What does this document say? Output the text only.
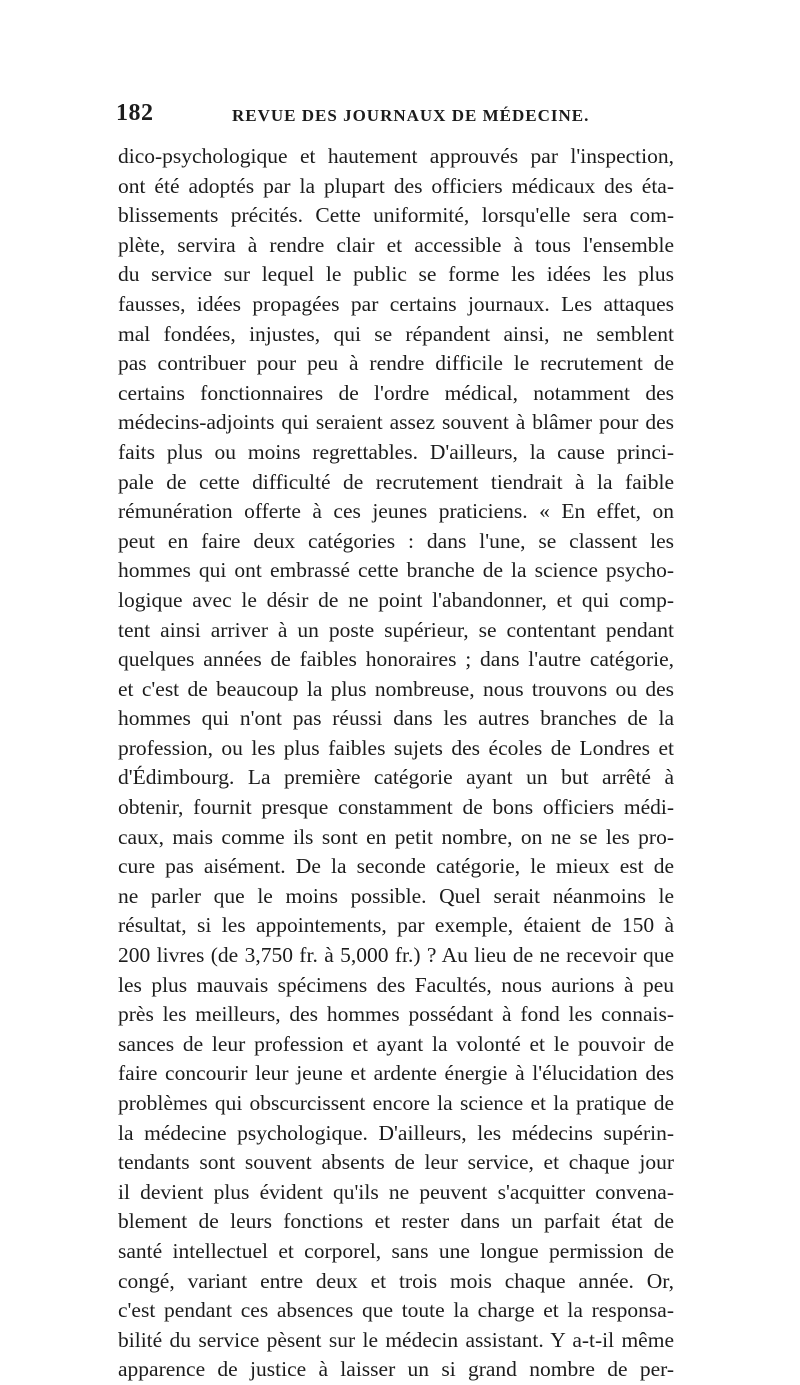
182	REVUE DES JOURNAUX DE MÉDECINE.
dico-psychologique et hautement approuvés par l'inspection,
ont été adoptés par la plupart des officiers médicaux des éta-
blissements précités. Cette uniformité, lorsqu'elle sera com-
plète, servira à rendre clair et accessible à tous l'ensemble
du service sur lequel le public se forme les idées les plus
fausses, idées propagées par certains journaux. Les attaques
mal fondées, injustes, qui se répandent ainsi, ne semblent
pas contribuer pour peu à rendre difficile le recrutement de
certains fonctionnaires de l'ordre médical, notamment des
médecins-adjoints qui seraient assez souvent à blâmer pour des
faits plus ou moins regrettables. D'ailleurs, la cause princi-
pale de cette difficulté de recrutement tiendrait à la faible
rémunération offerte à ces jeunes praticiens. « En effet, on
peut en faire deux catégories : dans l'une, se classent les
hommes qui ont embrassé cette branche de la science psycho-
logique avec le désir de ne point l'abandonner, et qui comp-
tent ainsi arriver à un poste supérieur, se contentant pendant
quelques années de faibles honoraires ; dans l'autre catégorie,
et c'est de beaucoup la plus nombreuse, nous trouvons ou des
hommes qui n'ont pas réussi dans les autres branches de la
profession, ou les plus faibles sujets des écoles de Londres et
d'Édimbourg. La première catégorie ayant un but arrêté à
obtenir, fournit presque constamment de bons officiers médi-
caux, mais comme ils sont en petit nombre, on ne se les pro-
cure pas aisément. De la seconde catégorie, le mieux est de
ne parler que le moins possible. Quel serait néanmoins le
résultat, si les appointements, par exemple, étaient de 150 à
200 livres (de 3,750 fr. à 5,000 fr.) ? Au lieu de ne recevoir que
les plus mauvais spécimens des Facultés, nous aurions à peu
près les meilleurs, des hommes possédant à fond les connais-
sances de leur profession et ayant la volonté et le pouvoir de
faire concourir leur jeune et ardente énergie à l'élucidation des
problèmes qui obscurcissent encore la science et la pratique de
la médecine psychologique. D'ailleurs, les médecins supérin-
tendants sont souvent absents de leur service, et chaque jour
il devient plus évident qu'ils ne peuvent s'acquitter convena-
blement de leurs fonctions et rester dans un parfait état de
santé intellectuel et corporel, sans une longue permission de
congé, variant entre deux et trois mois chaque année. Or,
c'est pendant ces absences que toute la charge et la responsa-
bilité du service pèsent sur le médecin assistant. Y a-t-il même
apparence de justice à laisser un si grand nombre de per-
